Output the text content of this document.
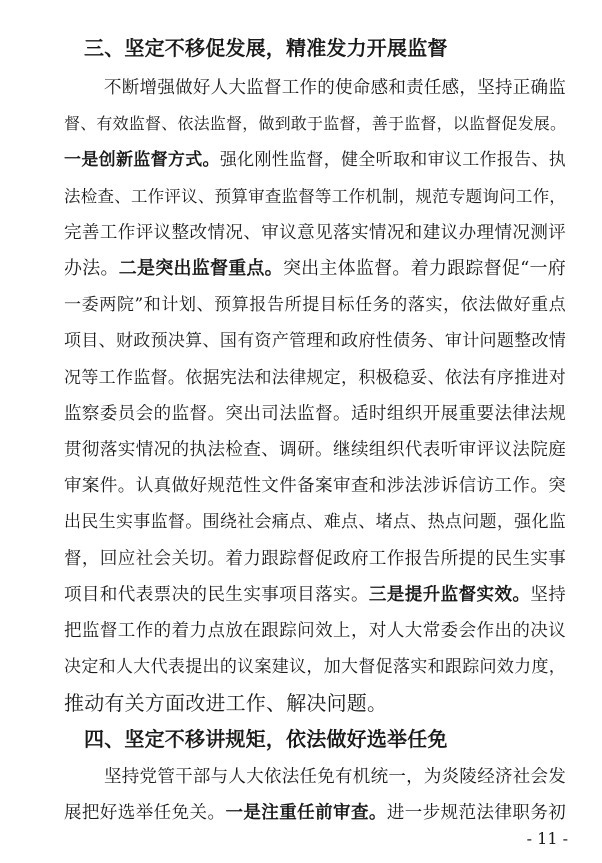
三、坚定不移促发展，精准发力开展监督
不断增强做好人大监督工作的使命感和责任感，坚持正确监
督、有效监督、依法监督，做到敢于监督，善于监督，以监督促发展。
一是创新监督方式。强化刚性监督，健全听取和审议工作报告、执
法检查、工作评议、预算审查监督等工作机制，规范专题询问工作，
完善工作评议整改情况、审议意见落实情况和建议办理情况测评
办法。二是突出监督重点。突出主体监督。着力跟踪督促“一府
一委两院”和计划、预算报告所提目标任务的落实，依法做好重点
项目、财政预决算、国有资产管理和政府性债务、审计问题整改情
况等工作监督。依据宪法和法律规定，积极稳妥、依法有序推进对
监察委员会的监督。突出司法监督。适时组织开展重要法律法规
贯彻落实情况的执法检查、调研。继续组织代表听审评议法院庭
审案件。认真做好规范性文件备案审查和涉法涉诉信访工作。突
出民生实事监督。围绕社会痛点、难点、堵点、热点问题，强化监
督，回应社会关切。着力跟踪督促政府工作报告所提的民生实事
项目和代表票决的民生实事项目落实。三是提升监督实效。坚持
把监督工作的着力点放在跟踪问效上，对人大常委会作出的决议
决定和人大代表提出的议案建议，加大督促落实和跟踪问效力度，
推动有关方面改进工作、解决问题。
四、坚定不移讲规矩，依法做好选举任免
坚持党管干部与人大依法任免有机统一，为炎陵经济社会发
展把好选举任免关。一是注重任前审查。进一步规范法律职务初
- 11 -
